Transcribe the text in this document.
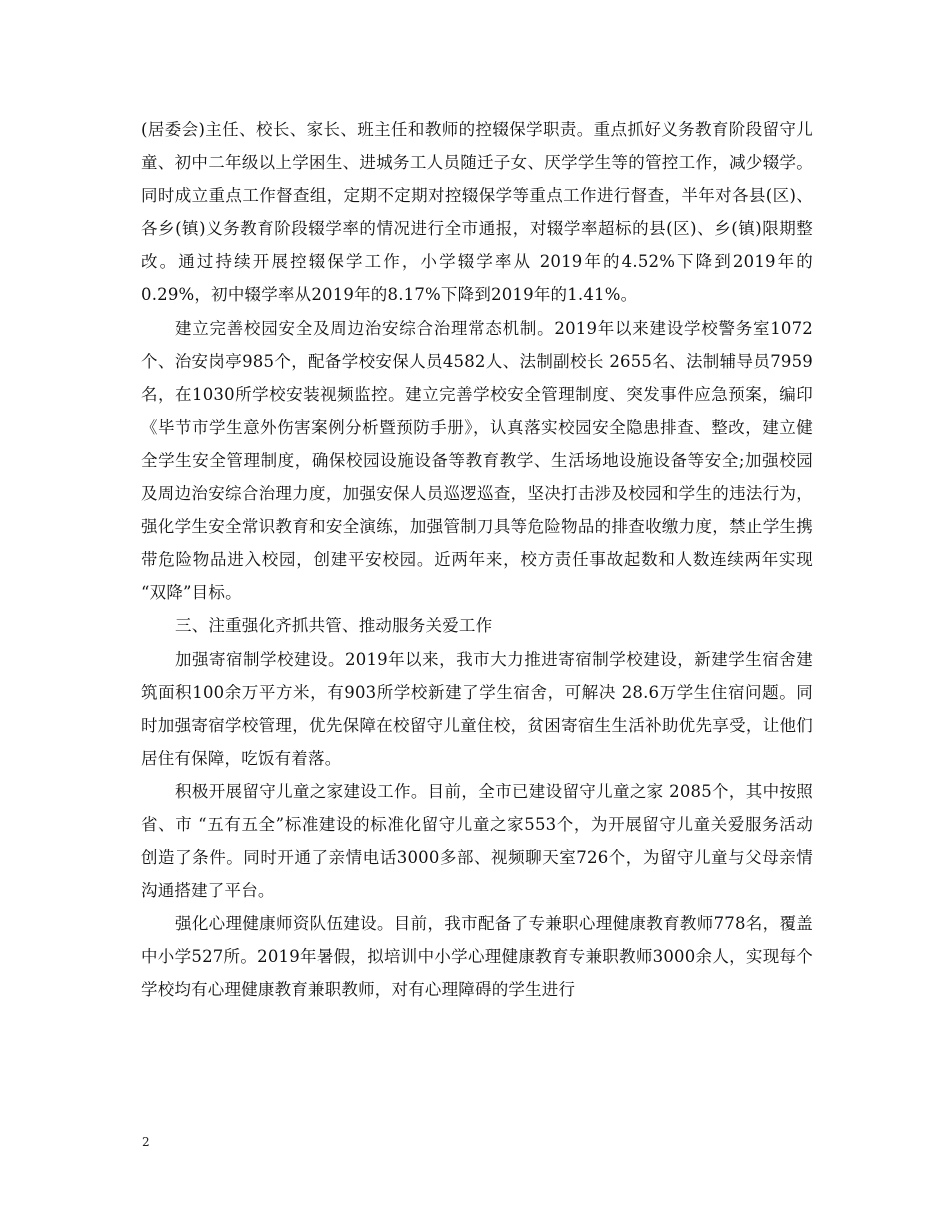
(居委会)主任、校长、家长、班主任和教师的控辍保学职责。重点抓好义务教育阶段留守儿童、初中二年级以上学困生、进城务工人员随迁子女、厌学学生等的管控工作，减少辍学。同时成立重点工作督查组，定期不定期对控辍保学等重点工作进行督查，半年对各县(区)、各乡(镇)义务教育阶段辍学率的情况进行全市通报，对辍学率超标的县(区)、乡(镇)限期整改。通过持续开展控辍保学工作，小学辍学率从 2019年的4.52%下降到2019年的0.29%，初中辍学率从2019年的8.17%下降到2019年的1.41%。

建立完善校园安全及周边治安综合治理常态机制。2019年以来建设学校警务室1072个、治安岗亭985个，配备学校安保人员4582人、法制副校长 2655名、法制辅导员7959名，在1030所学校安装视频监控。建立完善学校安全管理制度、突发事件应急预案，编印《毕节市学生意外伤害案例分析暨预防手册》，认真落实校园安全隐患排查、整改，建立健全学生安全管理制度，确保校园设施设备等教育教学、生活场地设施设备等安全;加强校园及周边治安综合治理力度，加强安保人员巡逻巡查，坚决打击涉及校园和学生的违法行为，强化学生安全常识教育和安全演练，加强管制刀具等危险物品的排查收缴力度，禁止学生携带危险物品进入校园，创建平安校园。近两年来，校方责任事故起数和人数连续两年实现 “双降”目标。

三、注重强化齐抓共管、推动服务关爱工作

加强寄宿制学校建设。2019年以来，我市大力推进寄宿制学校建设，新建学生宿舍建筑面积100余万平方米，有903所学校新建了学生宿舍，可解决 28.6万学生住宿问题。同时加强寄宿学校管理，优先保障在校留守儿童住校，贫困寄宿生生活补助优先享受，让他们居住有保障，吃饭有着落。

积极开展留守儿童之家建设工作。目前，全市已建设留守儿童之家 2085个，其中按照省、市 “五有五全”标准建设的标准化留守儿童之家553个，为开展留守儿童关爱服务活动创造了条件。同时开通了亲情电话3000多部、视频聊天室726个，为留守儿童与父母亲情沟通搭建了平台。

强化心理健康师资队伍建设。目前，我市配备了专兼职心理健康教育教师778名，覆盖中小学527所。2019年暑假，拟培训中小学心理健康教育专兼职教师3000余人，实现每个学校均有心理健康教育兼职教师，对有心理障碍的学生进行

2
